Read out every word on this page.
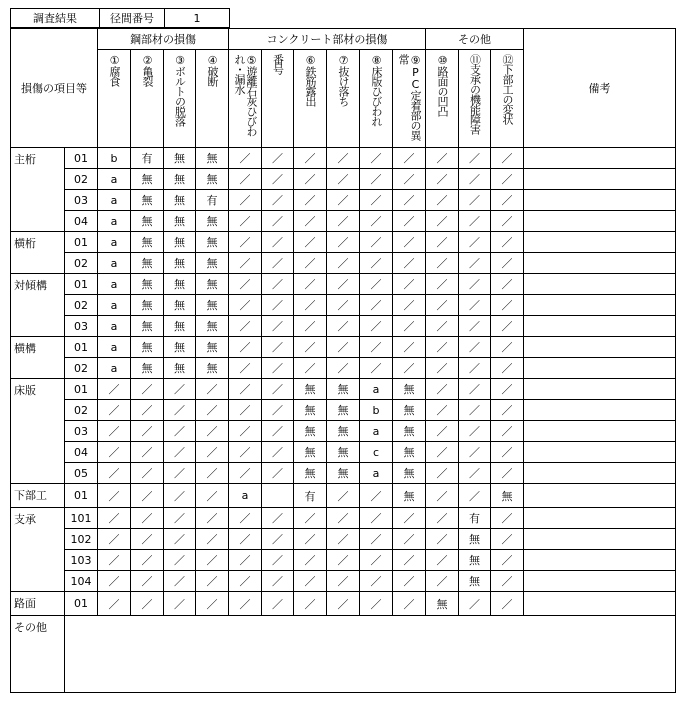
調査結果	径間番号	1
損傷の項目等		鋼部材の損傷				コンクリート部材の損傷						その他			備考
		①腐食	②亀裂	③ボルトの脱落	④破断	⑤遊離石灰ひびわれ・漏水	番号	⑥鉄筋露出	⑦抜け落ち	⑧床版ひびわれ	⑨PC定着部の異常	⑩路面の凹凸	⑪支承の機能障害	⑫下部工の変状	
主桁	01	b	有	無	無	／	／	／	／	／	／	／	／	／	
	02	a	無	無	無	／	／	／	／	／	／	／	／	／	
	03	a	無	無	有	／	／	／	／	／	／	／	／	／	
	04	a	無	無	無	／	／	／	／	／	／	／	／	／	
横桁	01	a	無	無	無	／	／	／	／	／	／	／	／	／	
	02	a	無	無	無	／	／	／	／	／	／	／	／	／	
対傾構	01	a	無	無	無	／	／	／	／	／	／	／	／	／	
	02	a	無	無	無	／	／	／	／	／	／	／	／	／	
	03	a	無	無	無	／	／	／	／	／	／	／	／	／	
横構	01	a	無	無	無	／	／	／	／	／	／	／	／	／	
	02	a	無	無	無	／	／	／	／	／	／	／	／	／	
床版	01	／	／	／	／	／	／	無	無	a	無	／	／	／	
	02	／	／	／	／	／	／	無	無	b	無	／	／	／	
	03	／	／	／	／	／	／	無	無	a	無	／	／	／	
	04	／	／	／	／	／	／	無	無	c	無	／	／	／	
	05	／	／	／	／	／	／	無	無	a	無	／	／	／	
下部工	01	／	／	／	／	a		有	／	／	無	／	／	無	
支承	101	／	／	／	／	／	／	／	／	／	／	／	有	／	
	102	／	／	／	／	／	／	／	／	／	／	／	無	／	
	103	／	／	／	／	／	／	／	／	／	／	／	無	／	
	104	／	／	／	／	／	／	／	／	／	／	／	無	／	
路面	01	／	／	／	／	／	／	／	／	／	／	無	／	／	
その他															
